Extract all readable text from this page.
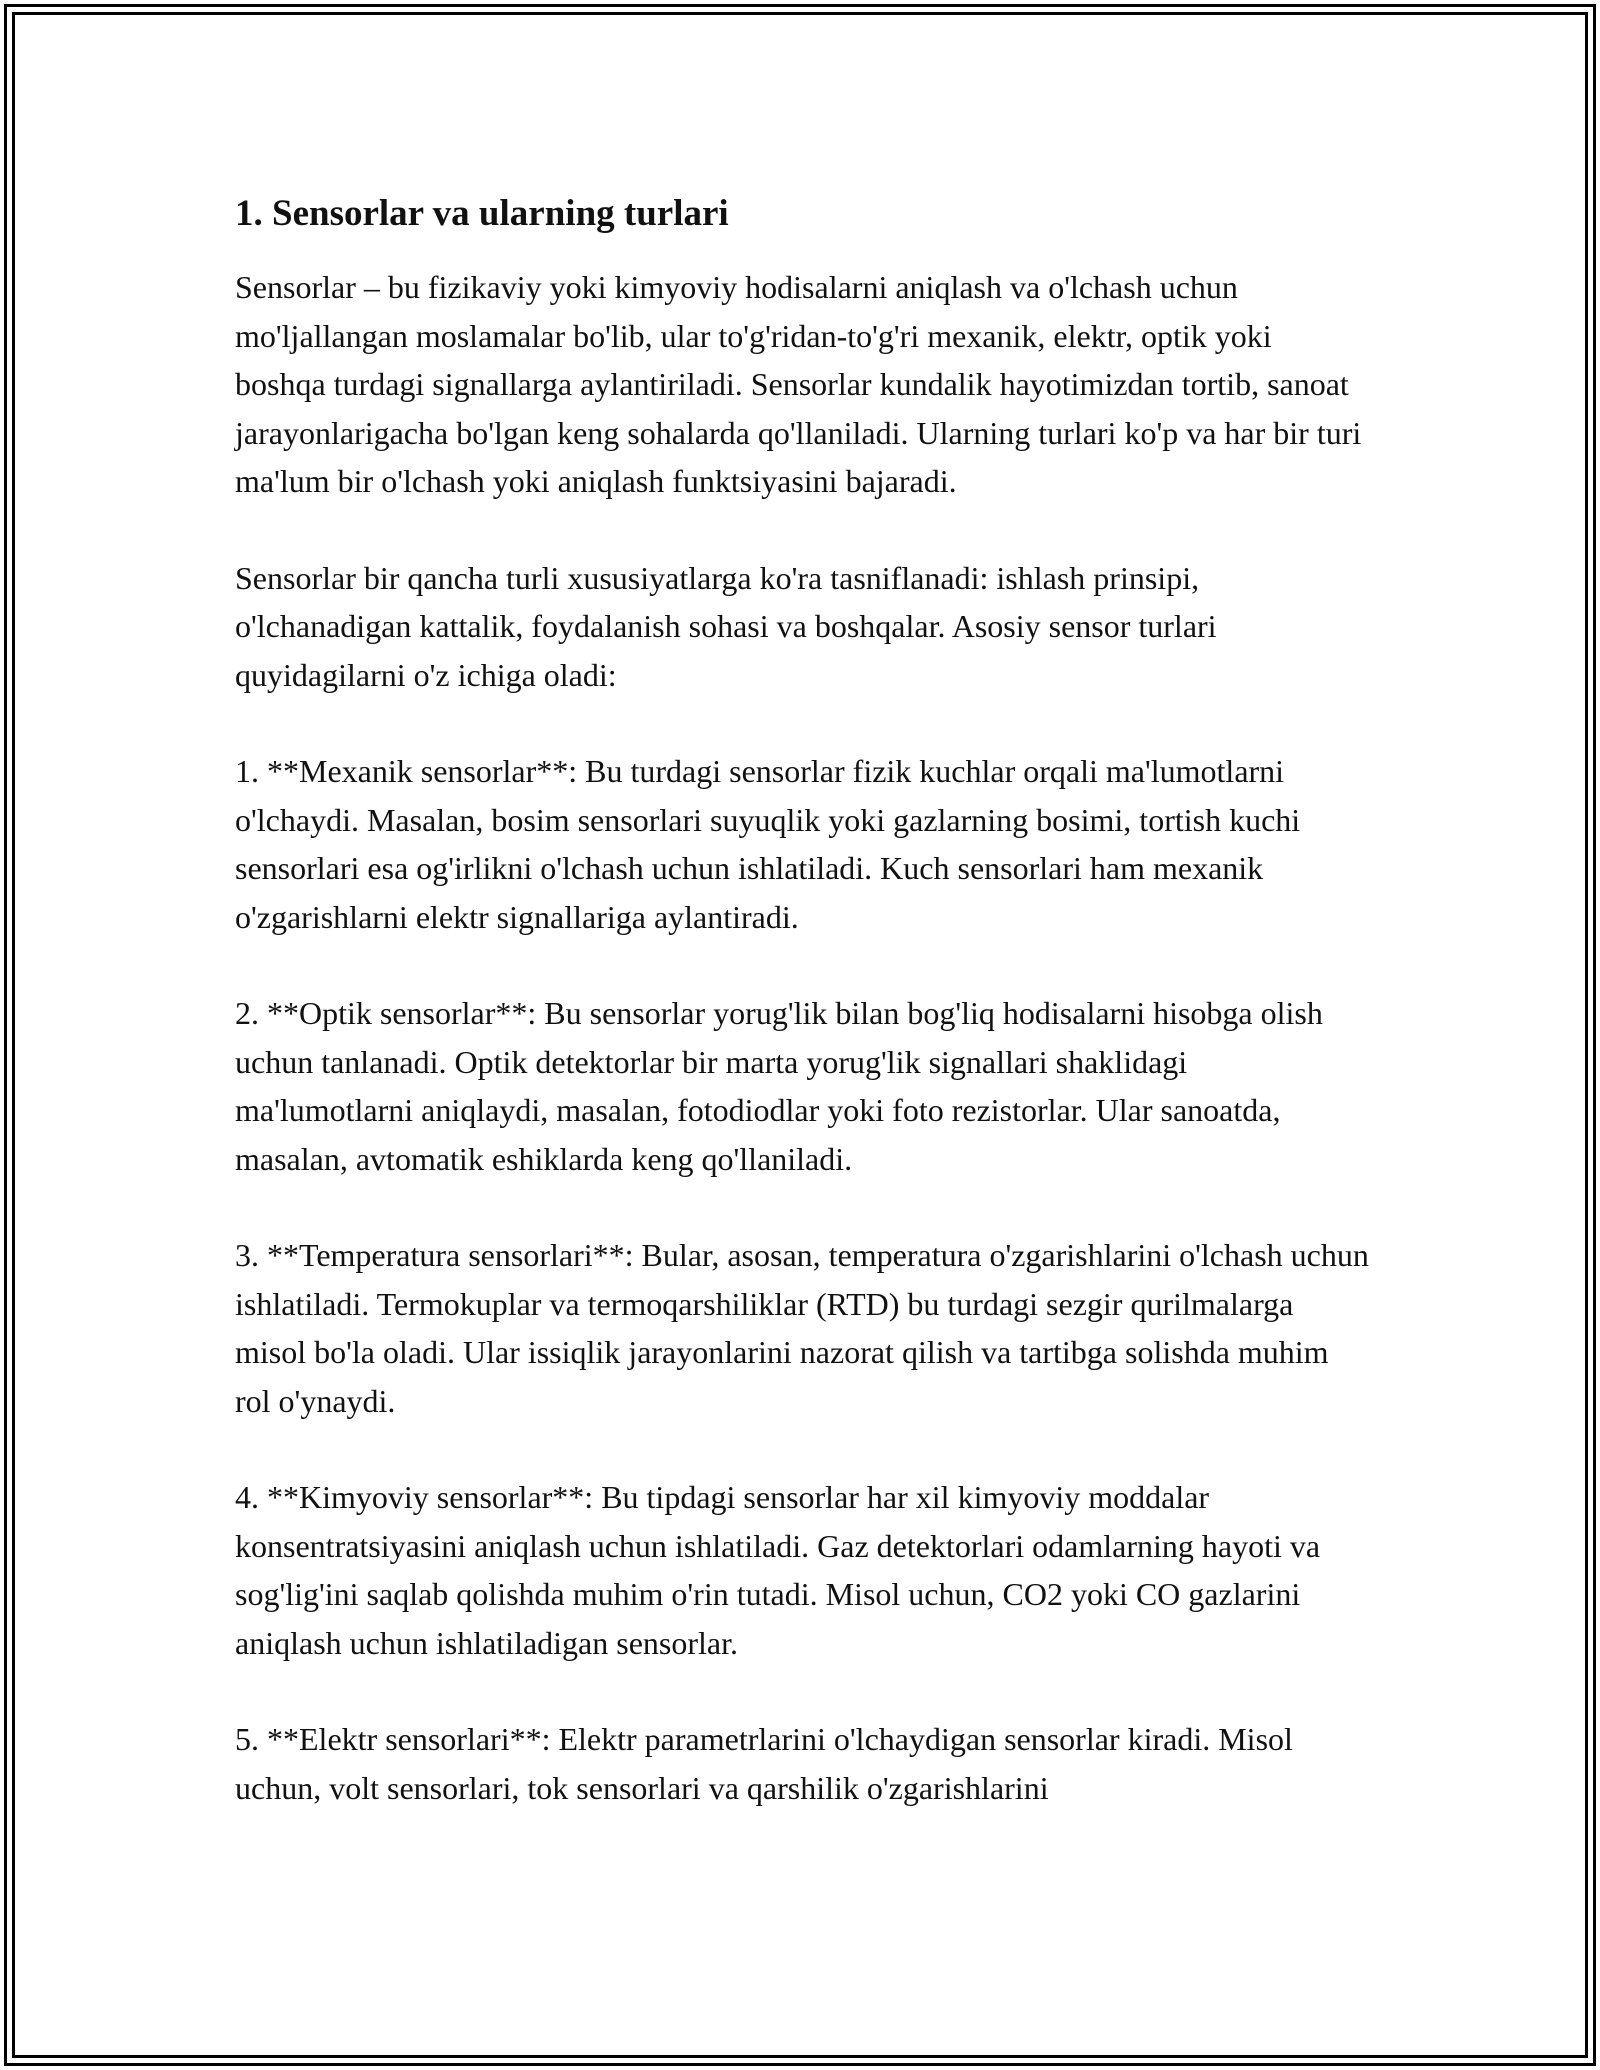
1. Sensorlar va ularning turlari

Sensorlar – bu fizikaviy yoki kimyoviy hodisalarni aniqlash va o'lchash uchun mo'ljallangan moslamalar bo'lib, ular to'g'ridan-to'g'ri mexanik, elektr, optik yoki boshqa turdagi signallarga aylantiriladi. Sensorlar kundalik hayotimizdan tortib, sanoat jarayonlarigacha bo'lgan keng sohalarda qo'llaniladi. Ularning turlari ko'p va har bir turi ma'lum bir o'lchash yoki aniqlash funktsiyasini bajaradi.

Sensorlar bir qancha turli xususiyatlarga ko'ra tasniflanadi: ishlash prinsipi, o'lchanadigan kattalik, foydalanish sohasi va boshqalar. Asosiy sensor turlari quyidagilarni o'z ichiga oladi:

1. **Mexanik sensorlar**: Bu turdagi sensorlar fizik kuchlar orqali ma'lumotlarni o'lchaydi. Masalan, bosim sensorlari suyuqlik yoki gazlarning bosimi, tortish kuchi sensorlari esa og'irlikni o'lchash uchun ishlatiladi. Kuch sensorlari ham mexanik o'zgarishlarni elektr signallariga aylantiradi.

2. **Optik sensorlar**: Bu sensorlar yorug'lik bilan bog'liq hodisalarni hisobga olish uchun tanlanadi. Optik detektorlar bir marta yorug'lik signallari shaklidagi ma'lumotlarni aniqlaydi, masalan, fotodiodlar yoki foto rezistorlar. Ular sanoatda, masalan, avtomatik eshiklarda keng qo'llaniladi.

3. **Temperatura sensorlari**: Bular, asosan, temperatura o'zgarishlarini o'lchash uchun ishlatiladi. Termokuplar va termoqarshiliklar (RTD) bu turdagi sezgir qurilmalarga misol bo'la oladi. Ular issiqlik jarayonlarini nazorat qilish va tartibga solishda muhim rol o'ynaydi.

4. **Kimyoviy sensorlar**: Bu tipdagi sensorlar har xil kimyoviy moddalar konsentratsiyasini aniqlash uchun ishlatiladi. Gaz detektorlari odamlarning hayoti va sog'lig'ini saqlab qolishda muhim o'rin tutadi. Misol uchun, CO2 yoki CO gazlarini aniqlash uchun ishlatiladigan sensorlar.

5. **Elektr sensorlari**: Elektr parametrlarini o'lchaydigan sensorlar kiradi. Misol uchun, volt sensorlari, tok sensorlari va qarshilik o'zgarishlarini
